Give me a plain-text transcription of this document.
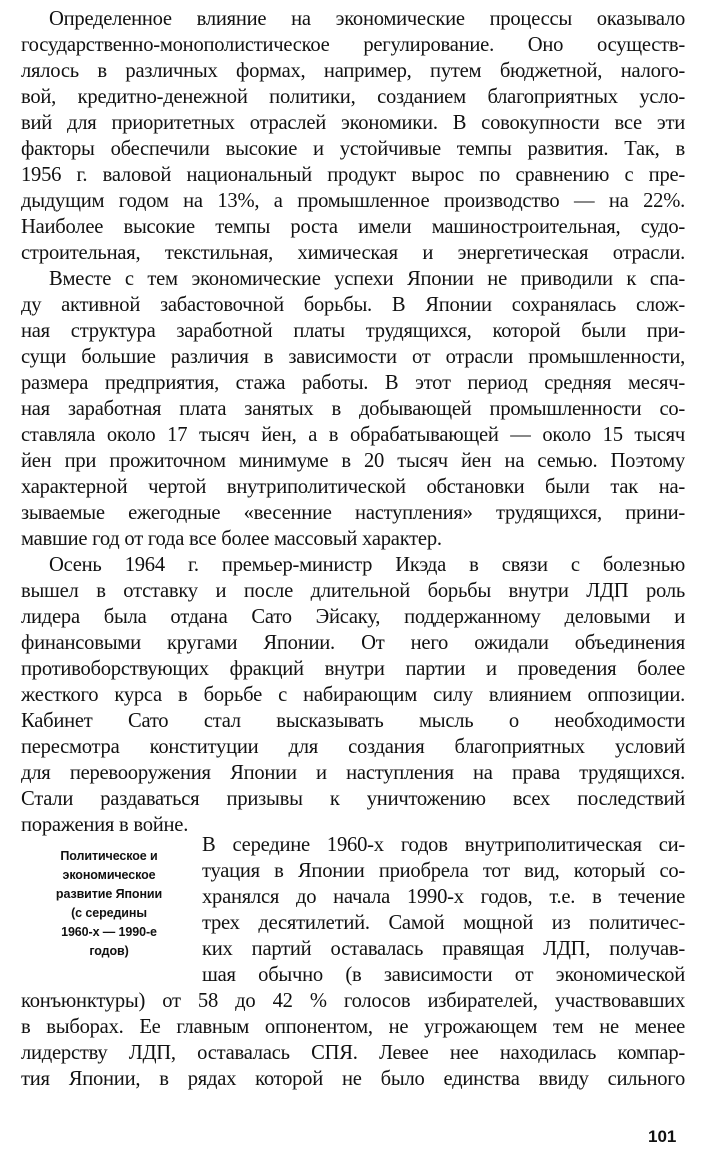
Определенное влияние на экономические процессы оказывало
государственно-монополистическое регулирование. Оно осуществ-
лялось в различных формах, например, путем бюджетной, налого-
вой, кредитно-денежной политики, созданием благоприятных усло-
вий для приоритетных отраслей экономики. В совокупности все эти
факторы обеспечили высокие и устойчивые темпы развития. Так, в
1956 г. валовой национальный продукт вырос по сравнению с пре-
дыдущим годом на 13%, а промышленное производство — на 22%.
Наиболее высокие темпы роста имели машиностроительная, судо-
строительная, текстильная, химическая и энергетическая отрасли.
Вместе с тем экономические успехи Японии не приводили к спа-
ду активной забастовочной борьбы. В Японии сохранялась слож-
ная структура заработной платы трудящихся, которой были при-
сущи большие различия в зависимости от отрасли промышленности,
размера предприятия, стажа работы. В этот период средняя месяч-
ная заработная плата занятых в добывающей промышленности со-
ставляла около 17 тысяч йен, а в обрабатывающей — около 15 тысяч
йен при прожиточном минимуме в 20 тысяч йен на семью. Поэтому
характерной чертой внутриполитической обстановки были так на-
зываемые ежегодные «весенние наступления» трудящихся, прини-
мавшие год от года все более массовый характер.
Осень 1964 г. премьер-министр Икэда в связи с болезнью
вышел в отставку и после длительной борьбы внутри ЛДП роль
лидера была отдана Сато Эйсаку, поддержанному деловыми и
финансовыми кругами Японии. От него ожидали объединения
противоборствующих фракций внутри партии и проведения более
жесткого курса в борьбе с набирающим силу влиянием оппозиции.
Кабинет Сато стал высказывать мысль о необходимости
пересмотра конституции для создания благоприятных условий
для перевооружения Японии и наступления на права трудящихся.
Стали раздаваться призывы к уничтожению всех последствий
поражения в войне.
Политическое и
экономическое
развитие Японии
(с середины
1960-х — 1990-е
годов)
В середине 1960-х годов внутриполитическая си-
туация в Японии приобрела тот вид, который со-
хранялся до начала 1990-х годов, т.е. в течение
трех десятилетий. Самой мощной из политичес-
ких партий оставалась правящая ЛДП, получав-
шая обычно (в зависимости от экономической
конъюнктуры) от 58 до 42 % голосов избирателей, участвовавших
в выборах. Ее главным оппонентом, не угрожающем тем не менее
лидерству ЛДП, оставалась СПЯ. Левее нее находилась компар-
тия Японии, в рядах которой не было единства ввиду сильного
101
